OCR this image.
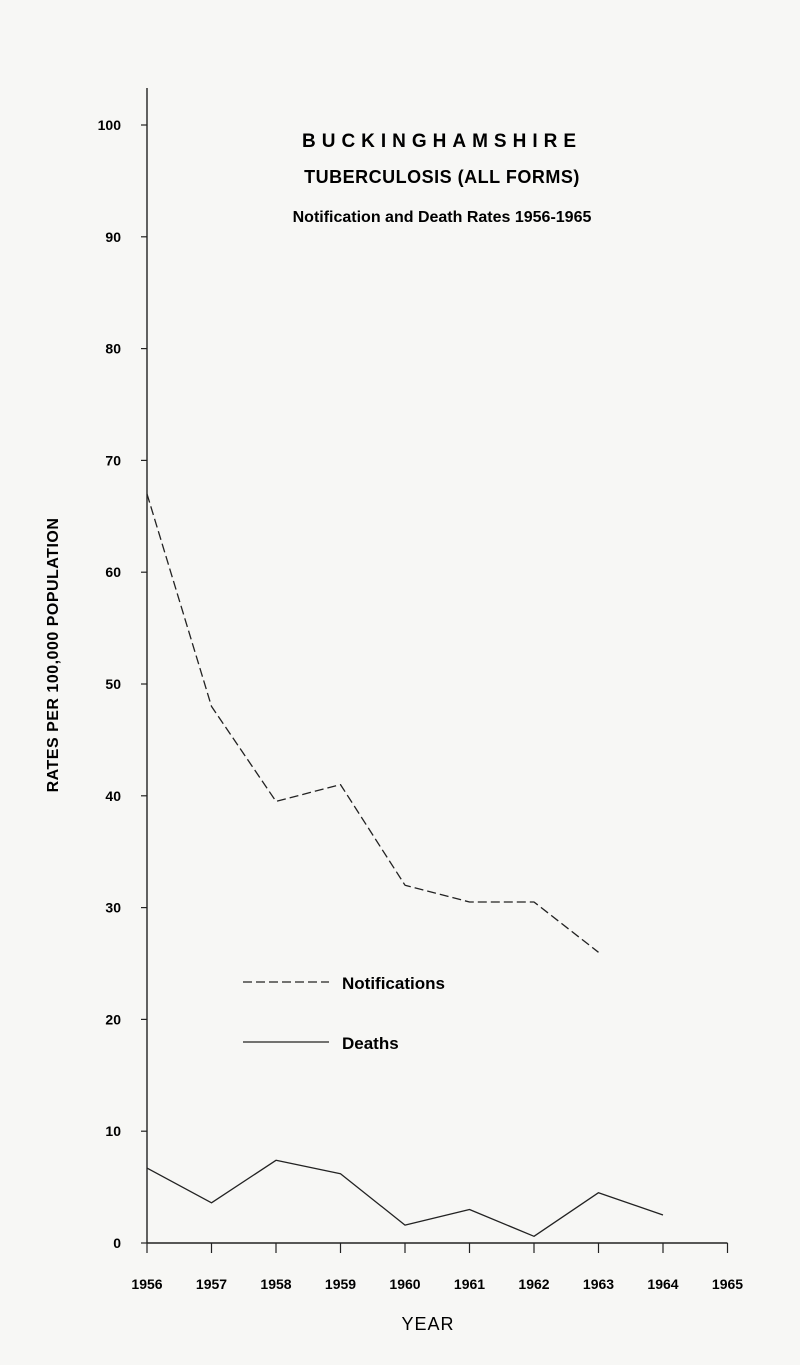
BUCKINGHAMSHIRE
TUBERCULOSIS (ALL FORMS)
Notification and Death Rates 1956-1965
RATES PER 100,000 POPULATION
YEAR
0
10
20
30
40
50
60
70
80
90
100
1956 1957 1958 1959 1960 1961 1962 1963 1964 1965
Notifications
Deaths
